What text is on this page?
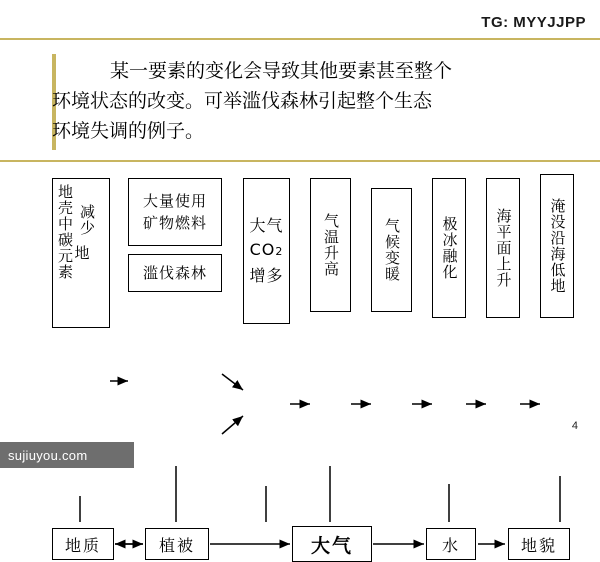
TG: MYYJJPP
某一要素的变化会导致其他要素甚至整个
环境状态的改变。可举滥伐森林引起整个生态
环境失调的例子。
地
地壳中碳元素
减少
大量使用
矿物燃料
滥伐森林
大气
CO2
增多	气温升高	气候变暖	极冰融化 海平面上升 淹没沿海低地
地质	植被	大气	水	地貌
4
sujiuyou.com
